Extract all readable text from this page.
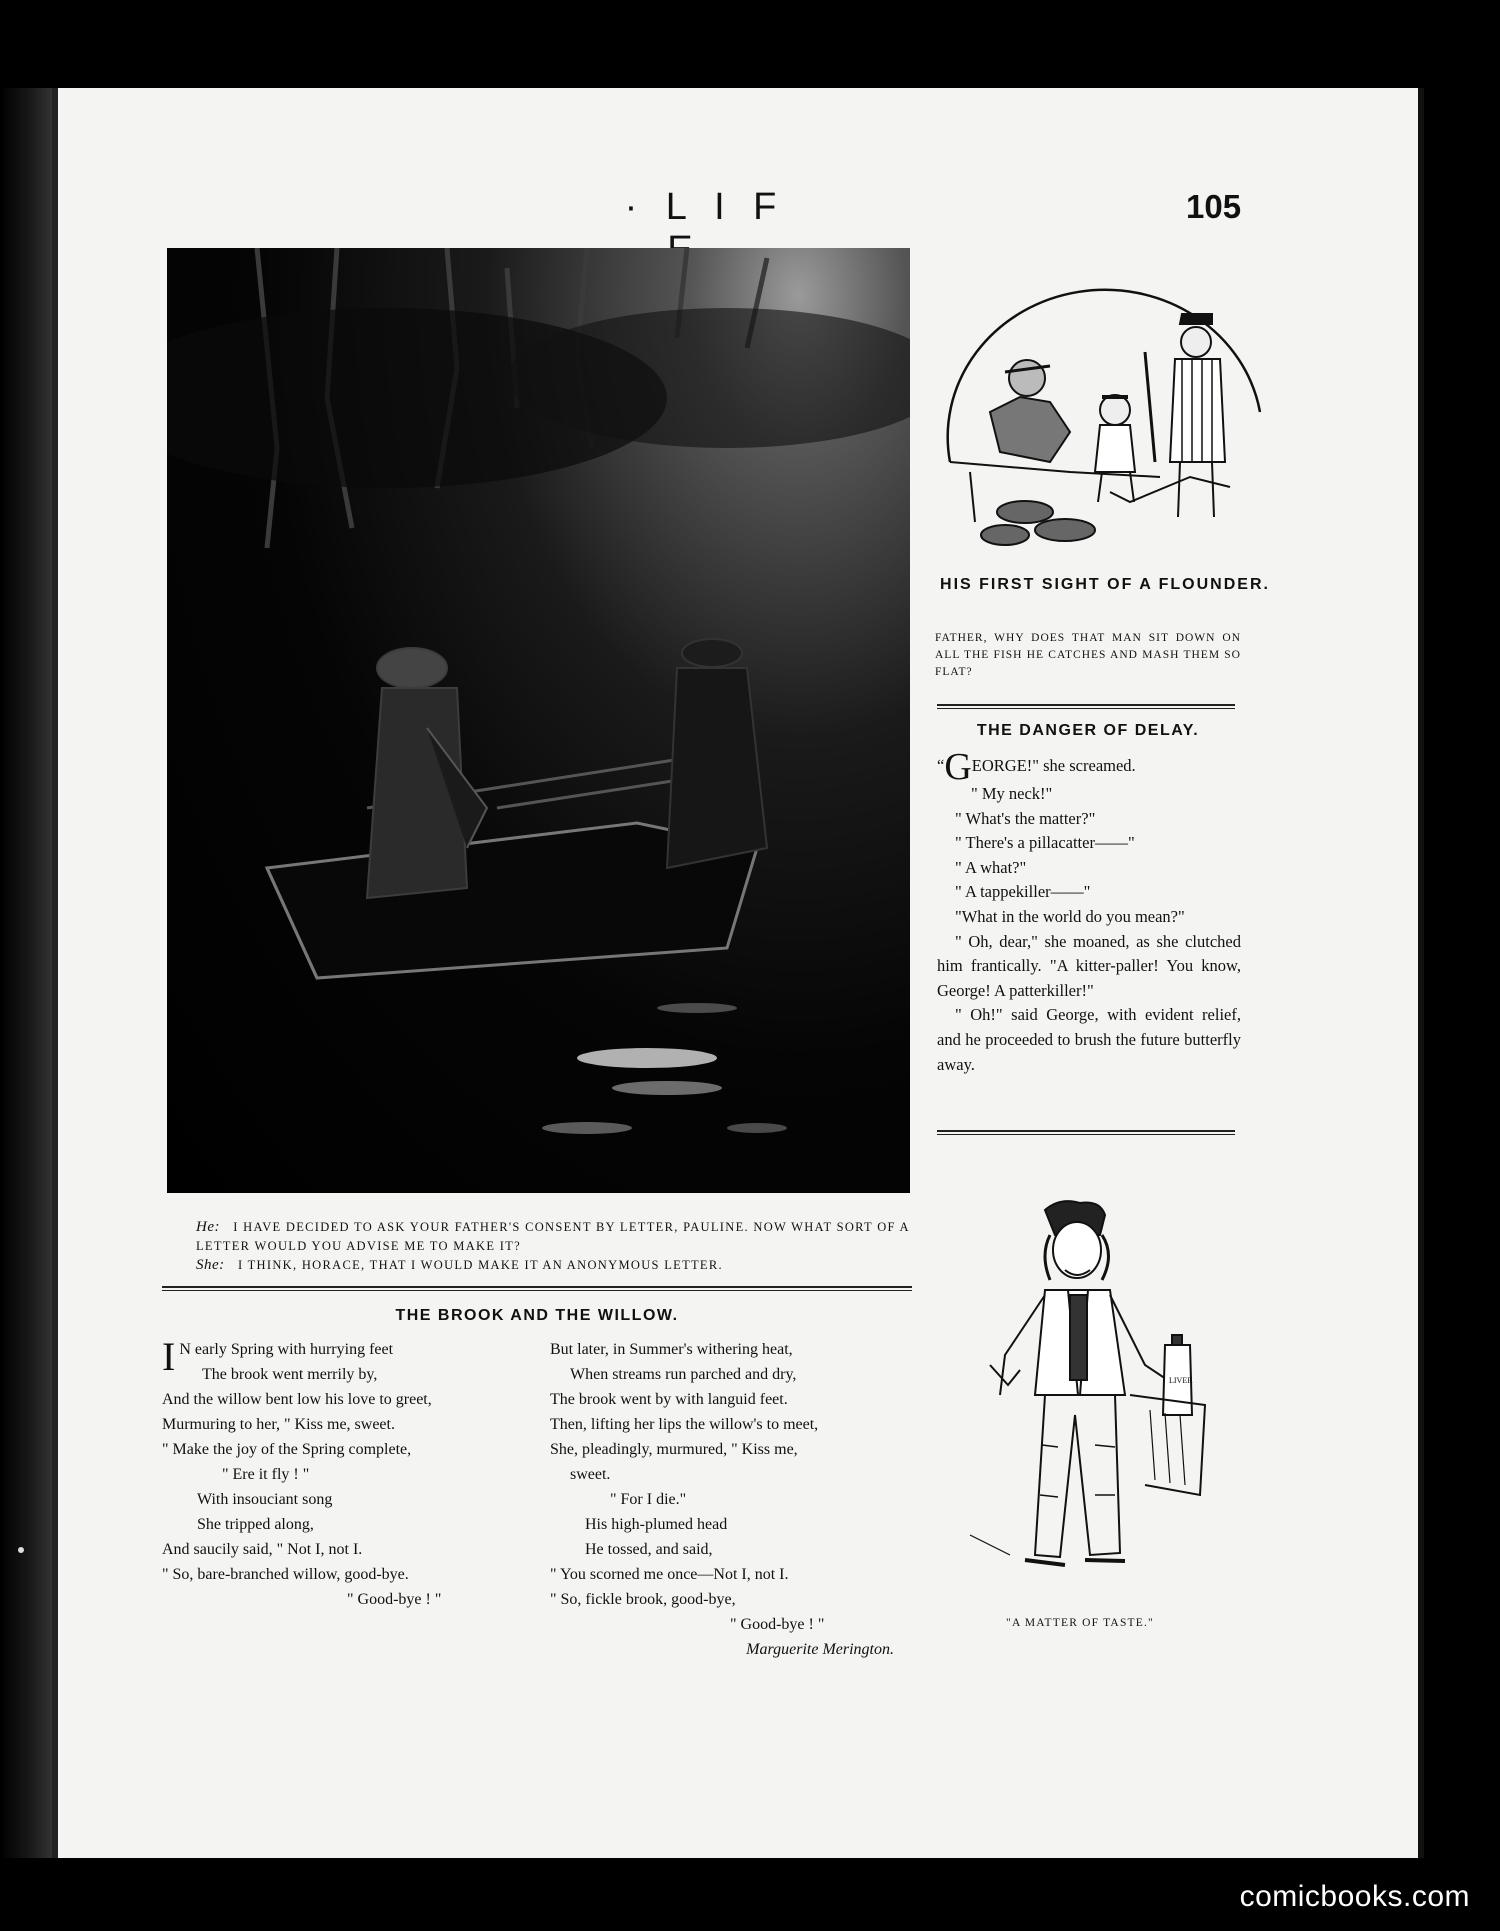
· L I F	105
He: I HAVE DECIDED TO ASK YOUR FATHER'S CONSENT BY LETTER, PAULINE. NOW WHAT SORT OF A LETTER WOULD YOU ADVISE ME TO MAKE IT?
She: I THINK, HORACE, THAT I WOULD MAKE IT AN ANONYMOUS LETTER.
THE BROOK AND THE WILLOW.
I N early Spring with hurrying feet
The brook went merrily by,
And the willow bent low his love to greet,
Murmuring to her, " Kiss me, sweet.
" Make the joy of the Spring complete,
" Ere it fly ! "
With insouciant song
She tripped along,
And saucily said, " Not I, not I.
" So, bare-branched willow, good-bye.
" Good-bye ! "
But later, in Summer's withering heat,
When streams run parched and dry,
The brook went by with languid feet.
Then, lifting her lips the willow's to meet,
She, pleadingly, murmured, " Kiss me,
sweet.
" For I die."
His high-plumed head
He tossed, and said,
" You scorned me once—Not I, not I.
" So, fickle brook, good-bye,
" Good-bye ! "
Marguerite Merington.
HIS FIRST SIGHT OF A FLOUNDER.
FATHER, WHY DOES THAT MAN SIT DOWN ON ALL THE FISH HE CATCHES AND MASH THEM SO FLAT?
THE DANGER OF DELAY.
“GEORGE!" she screamed.
" My neck!"
" What's the matter?"
" There's a pillacatter——"
" A what?"
" A tappekiller——"
"What in the world do you mean?"
" Oh, dear," she moaned, as she clutched him frantically. "A kitter-paller! You know, George! A patterkiller!"
" Oh!" said George, with evident relief, and he proceeded to brush the future butterfly away.
LIVER
"A MATTER OF TASTE."
comicbooks.com
